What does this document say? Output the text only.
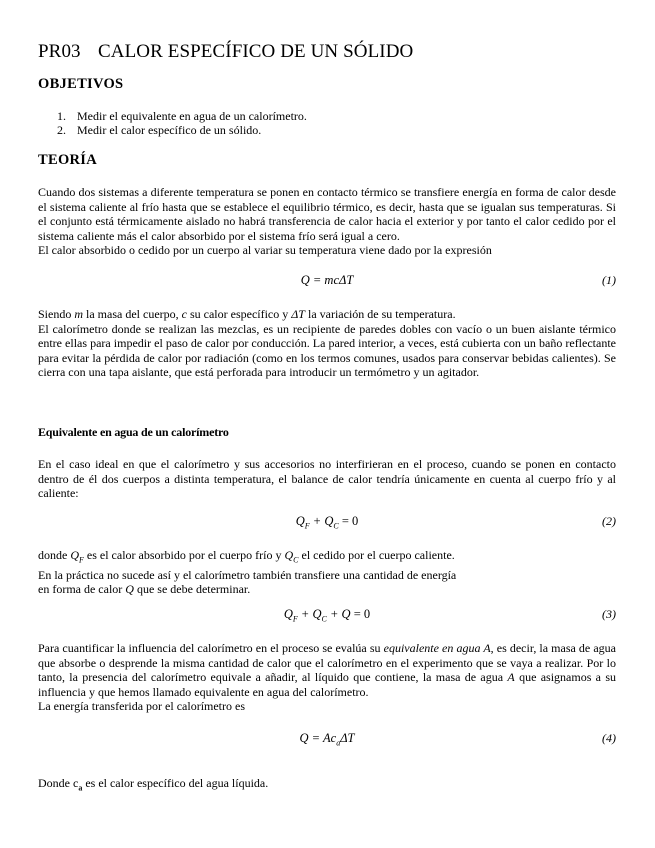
PR03 CALOR ESPECÍFICO DE UN SÓLIDO
OBJETIVOS
1. Medir el equivalente en agua de un calorímetro.
2. Medir el calor específico de un sólido.
TEORÍA

Cuando dos sistemas a diferente temperatura se ponen en contacto térmico se transfiere energía en forma de calor desde el sistema caliente al frío hasta que se establece el equilibrio térmico, es decir, hasta que se igualan sus temperaturas. Si el conjunto está térmicamente aislado no habrá transferencia de calor hacia el exterior y por tanto el calor cedido por el sistema caliente más el calor absorbido por el sistema frío será igual a cero.

El calor absorbido o cedido por un cuerpo al variar su temperatura viene dado por la expresión

Q = mcΔT	(1)

Siendo m la masa del cuerpo, c su calor específico y ΔT la variación de su temperatura.

El calorímetro donde se realizan las mezclas, es un recipiente de paredes dobles con vacío o un buen aislante térmico entre ellas para impedir el paso de calor por conducción. La pared interior, a veces, está cubierta con un baño reflectante para evitar la pérdida de calor por radiación (como en los termos comunes, usados para conservar bebidas calientes). Se cierra con una tapa aislante, que está perforada para introducir un termómetro y un agitador.

Equivalente en agua de un calorímetro
En el caso ideal en que el calorímetro y sus accesorios no interfirieran en el proceso, cuando se ponen en contacto dentro de él dos cuerpos a distinta temperatura, el balance de calor tendría únicamente en cuenta al cuerpo frío y al caliente:
$Q_F + Q_C = 0$	(2)

donde $Q_F$ es el calor absorbido por el cuerpo frío y $Q_C$ el cedido por el cuerpo caliente.

En la práctica no sucede así y el calorímetro también transfiere una cantidad de energía

en forma de calor Q que se debe determinar.

$Q_F + Q_C + Q = 0$	(3)

Para cuantificar la influencia del calorímetro en el proceso se evalúa su equivalente en agua A, es decir, la masa de agua que absorbe o desprende la misma cantidad de calor que el calorímetro en el experimento que se vaya a realizar. Por lo tanto, la presencia del calorímetro equivale a añadir, al líquido que contiene, la masa de agua A que asignamos a su influencia y que hemos llamado equivalente en agua del calorímetro.

La energía transferida por el calorímetro es

$Q = Ac_a\Delta T$	(4)

Donde $c_a$ es el calor específico del agua líquida.
